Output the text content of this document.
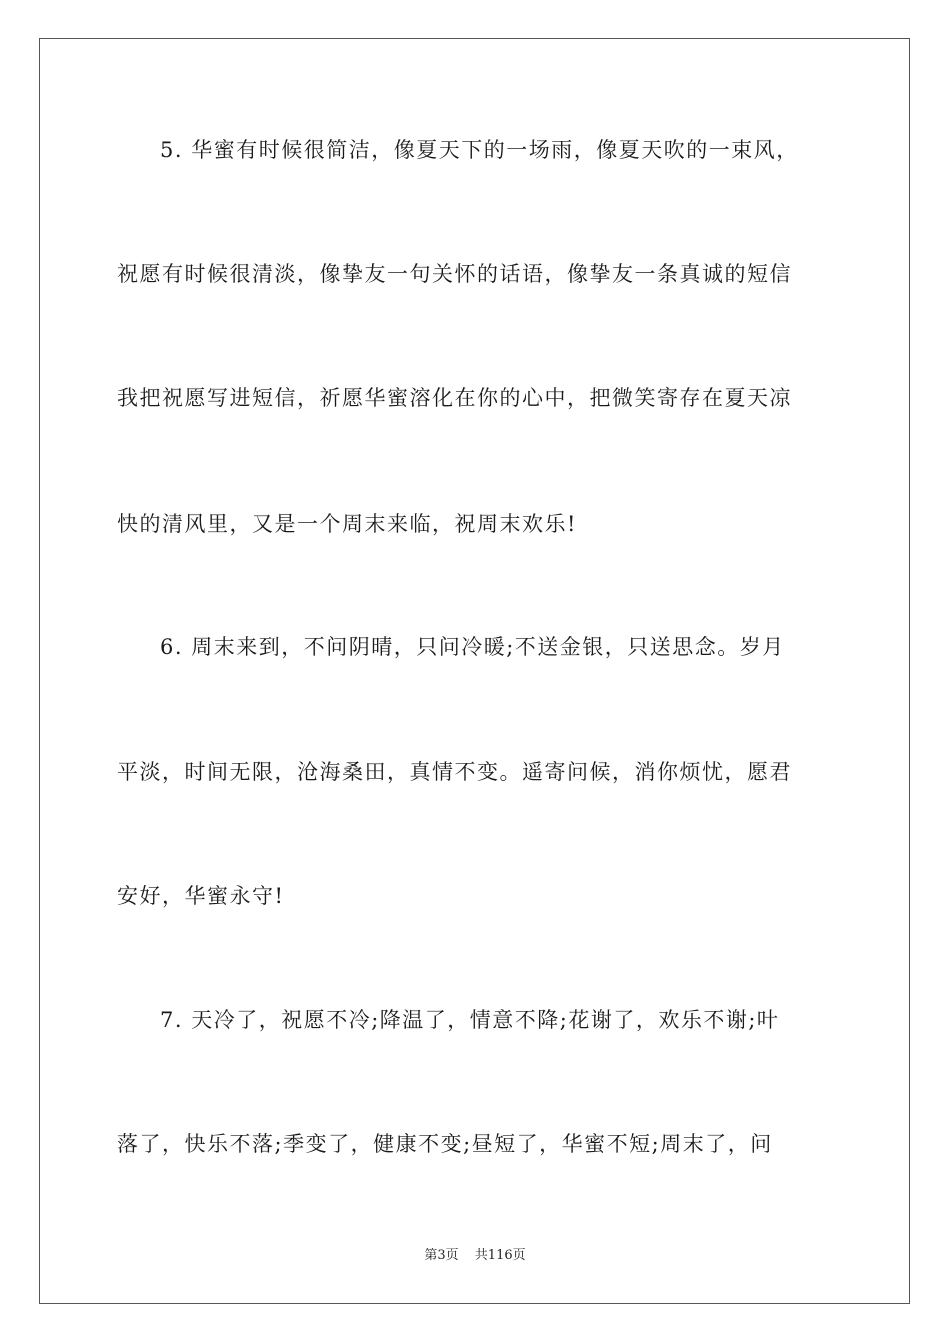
5. 华蜜有时候很简洁，像夏天下的一场雨，像夏天吹的一束风，
祝愿有时候很清淡，像挚友一句关怀的话语，像挚友一条真诚的短信
我把祝愿写进短信，祈愿华蜜溶化在你的心中，把微笑寄存在夏天凉
快的清风里，又是一个周末来临，祝周末欢乐!
6. 周末来到，不问阴晴，只问冷暖;不送金银，只送思念。岁月
平淡，时间无限，沧海桑田，真情不变。遥寄问候，消你烦忧，愿君
安好，华蜜永守!
7. 天冷了，祝愿不冷;降温了，情意不降;花谢了，欢乐不谢;叶
落了，快乐不落;季变了，健康不变;昼短了，华蜜不短;周末了，问
第3页 共116页
